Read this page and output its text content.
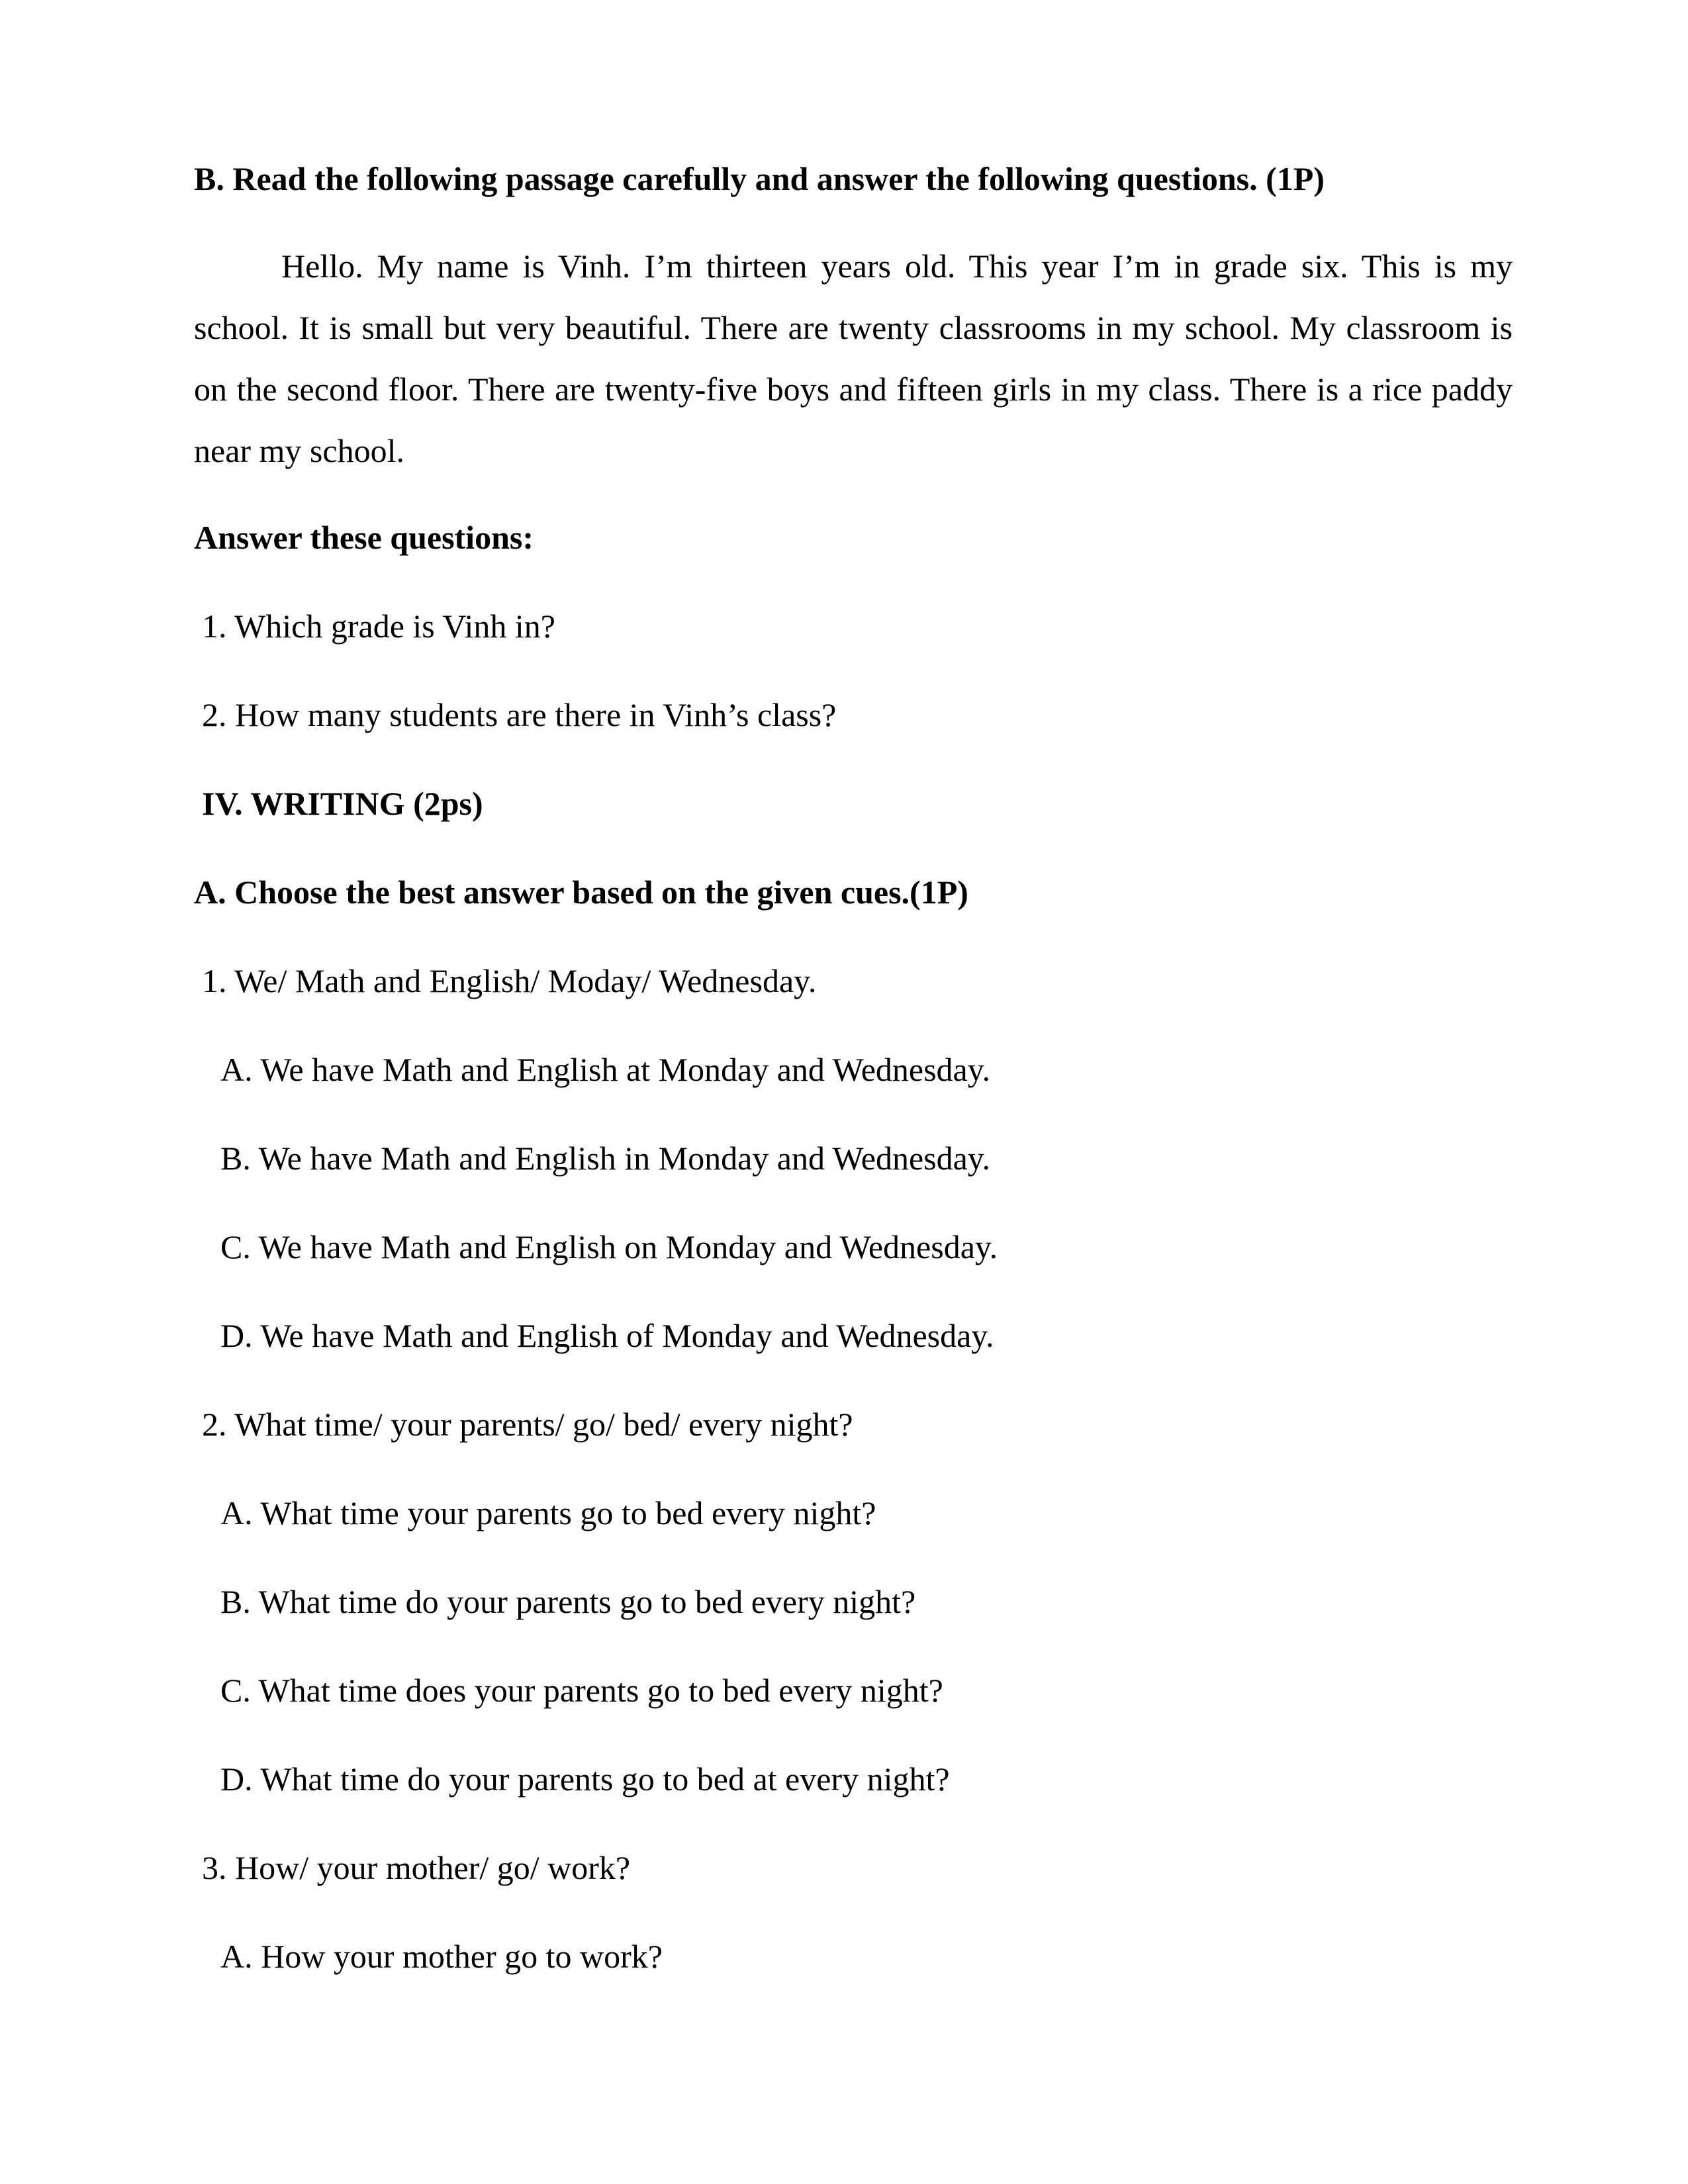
B. Read the following passage carefully and answer the following questions. (1P)
Hello. My name is Vinh. I’m thirteen years old. This year I’m in grade six. This is my school. It is small but very beautiful. There are twenty classrooms in my school. My classroom is on the second floor. There are twenty-five boys and fifteen girls in my class. There is a rice paddy near my school.
Answer these questions:
1. Which grade is Vinh in?
2. How many students are there in Vinh’s class?
IV. WRITING (2ps)
A. Choose the best answer based on the given cues.(1P)
1. We/ Math and English/ Moday/ Wednesday.
A. We have Math and English at Monday and Wednesday.
B. We have Math and English in Monday and Wednesday.
C. We have Math and English on Monday and Wednesday.
D. We have Math and English of Monday and Wednesday.
2. What time/ your parents/ go/ bed/ every night?
A. What time your parents go to bed every night?
B. What time do your parents go to bed every night?
C. What time does your parents go to bed every night?
D. What time do your parents go to bed at every night?
3. How/ your mother/ go/ work?
A. How your mother go to work?
